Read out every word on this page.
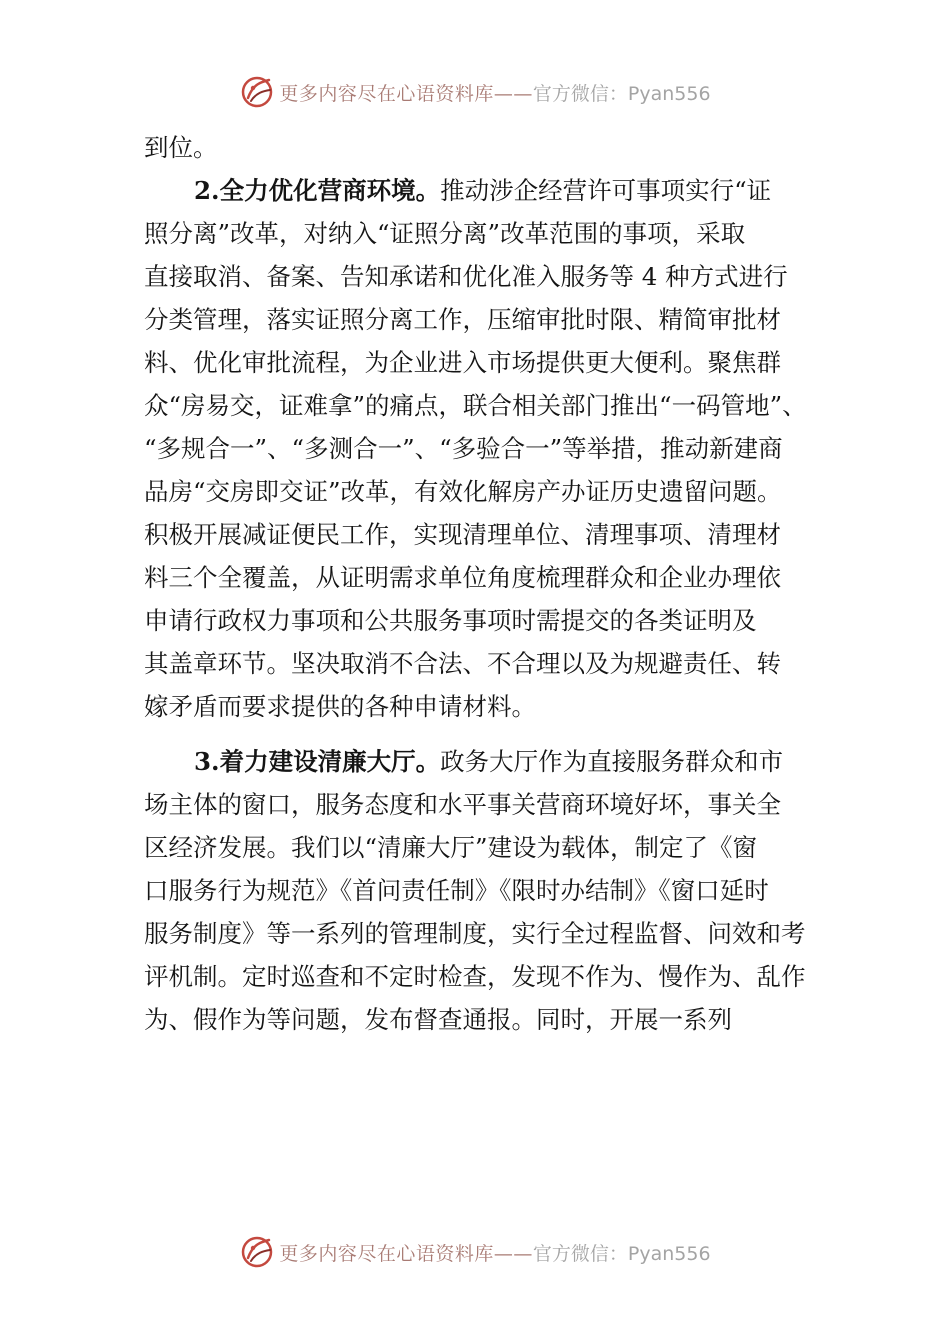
更多内容尽在心语资料库—— 官方微信：Pyan556
到位。
2.全力优化营商环境。推动涉企经营许可事项实行“证
照分离”改革，对纳入“证照分离”改革范围的事项，采取
直接取消、备案、告知承诺和优化准入服务等 4 种方式进行
分类管理，落实证照分离工作，压缩审批时限、精简审批材
料、优化审批流程，为企业进入市场提供更大便利。聚焦群
众“房易交，证难拿”的痛点，联合相关部门推出“一码管地”、
“多规合一”、“多测合一”、“多验合一”等举措，推动新建商
品房“交房即交证”改革，有效化解房产办证历史遗留问题。
积极开展减证便民工作，实现清理单位、清理事项、清理材
料三个全覆盖，从证明需求单位角度梳理群众和企业办理依
申请行政权力事项和公共服务事项时需提交的各类证明及
其盖章环节。坚决取消不合法、不合理以及为规避责任、转
嫁矛盾而要求提供的各种申请材料。
3.着力建设清廉大厅。政务大厅作为直接服务群众和市
场主体的窗口，服务态度和水平事关营商环境好坏，事关全
区经济发展。我们以“清廉大厅”建设为载体，制定了《窗
口服务行为规范》《首问责任制》《限时办结制》《窗口延时
服务制度》等一系列的管理制度，实行全过程监督、问效和考
评机制。定时巡查和不定时检查，发现不作为、慢作为、乱作
为、假作为等问题，发布督查通报。同时，开展一系列
更多内容尽在心语资料库—— 官方微信：Pyan556
